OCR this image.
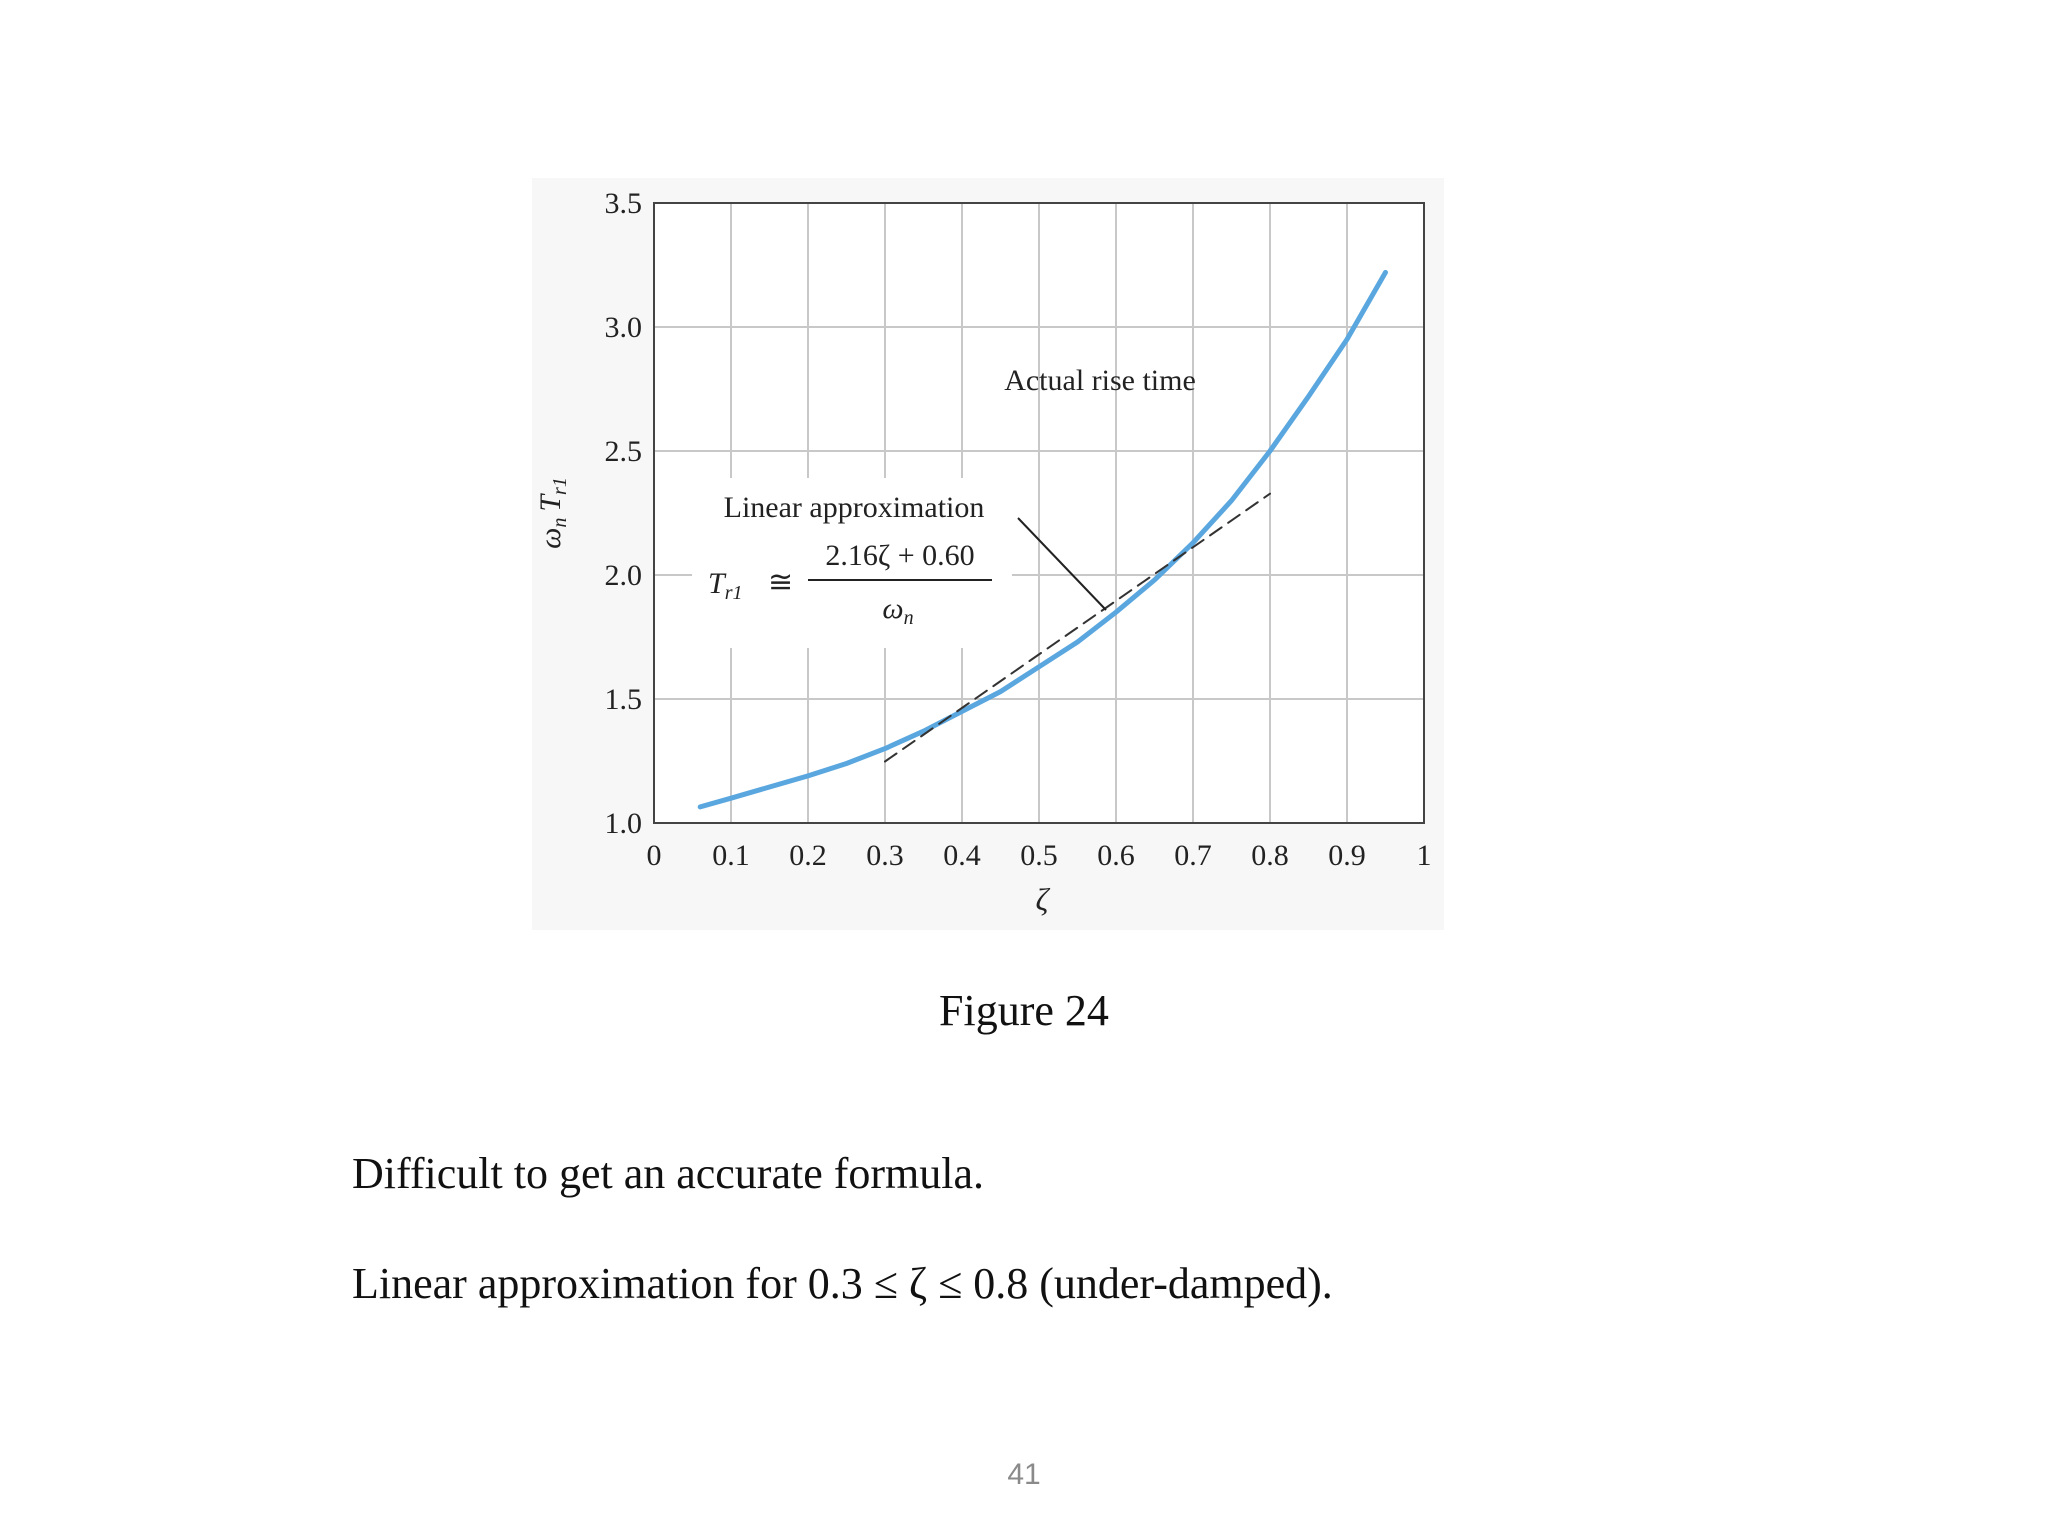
0 0.1 0.2 0.3 0.4 0.5 0.6 0.7 0.8 0.9 1
1.0
1.5
2.0
2.5
3.0
3.5
ζ
$\omega_nT_{r1}$
Actual rise time
Linear approximation
$T_{r1}$ ≅
2.16ζ + 0.60
$\omega_n$
Figure 24
Difficult to get an accurate formula.
Linear approximation for 0.3 ≤ ζ ≤ 0.8 (under-damped).
41
